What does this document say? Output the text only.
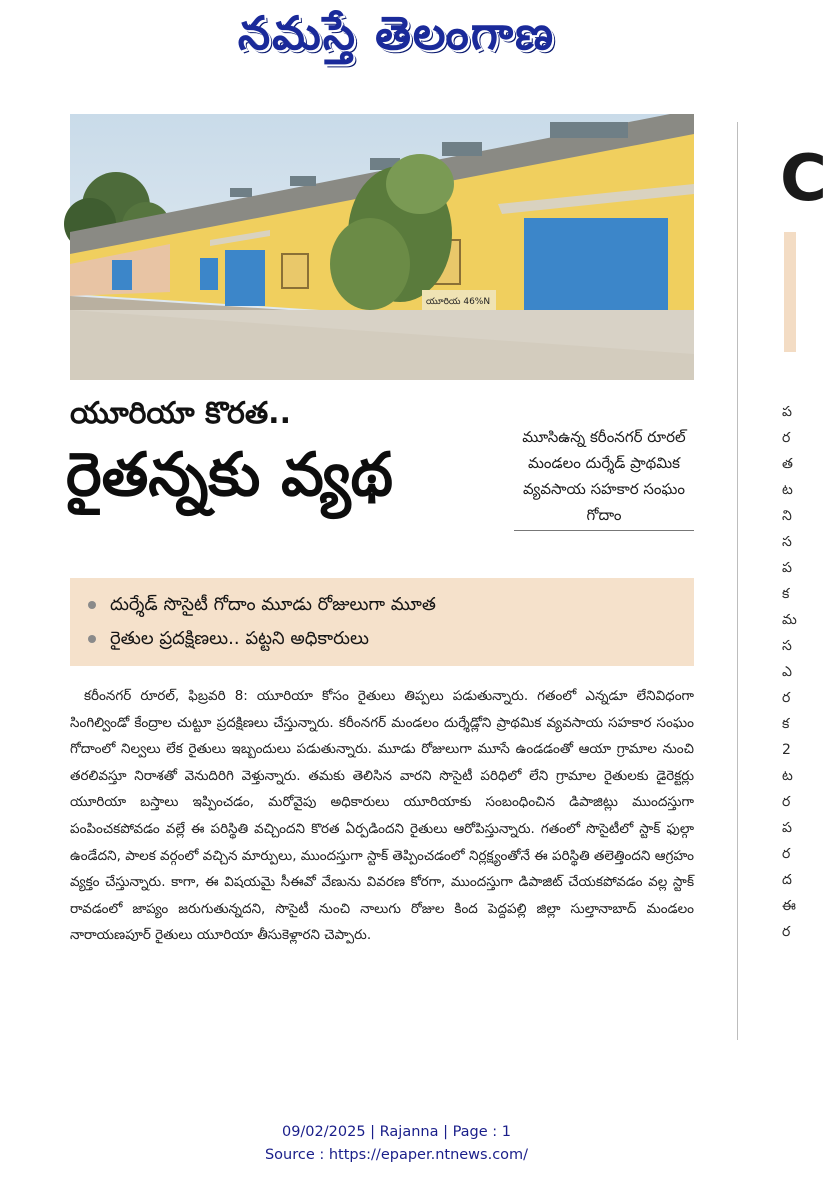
నమస్తే తెలంగాణ
యూరియ 46%N
యూరియా కొరత..
రైతన్నకు వ్యథ
మూసిఉన్న కరీంనగర్ రూరల్ మండలం దుర్శేడ్ ప్రాథమిక వ్యవసాయ సహకార సంఘం గోదాం
దుర్శేడ్ సొసైటీ గోదాం మూడు రోజులుగా మూత
రైతుల ప్రదక్షిణలు.. పట్టని అధికారులు
కరీంనగర్ రూరల్, ఫిబ్రవరి 8: యూరియా కోసం రైతులు తిప్పలు పడుతున్నారు. గతంలో ఎన్నడూ లేనివిధంగా సింగిల్విండో కేంద్రాల చుట్టూ ప్రదక్షిణలు చేస్తున్నారు. కరీంనగర్ మండలం దుర్శేడ్లోని ప్రాథమిక వ్యవసాయ సహకార సంఘం గోదాంలో నిల్వలు లేక రైతులు ఇబ్బందులు పడుతున్నారు. మూడు రోజులుగా మూసే ఉండడంతో ఆయా గ్రామాల నుంచి తరలివస్తూ నిరాశతో వెనుదిరిగి వెళ్తున్నారు. తమకు తెలిసిన వారని సొసైటీ పరిధిలో లేని గ్రామాల రైతులకు డైరెక్టర్లు యూరియా బస్తాలు ఇప్పించడం, మరోవైపు అధికారులు యూరియాకు సంబంధించిన డిపాజిట్లు ముందస్తుగా పంపించకపోవడం వల్లే ఈ పరిస్థితి వచ్చిందని కొరత ఏర్పడిందని రైతులు ఆరోపిస్తున్నారు. గతంలో సొసైటీలో స్టాక్ ఫుల్గా ఉండేదని, పాలక వర్గంలో వచ్చిన మార్పులు, ముందస్తుగా స్టాక్ తెప్పించడంలో నిర్లక్ష్యంతోనే ఈ పరిస్థితి తలెత్తిందని ఆగ్రహం వ్యక్తం చేస్తున్నారు. కాగా, ఈ విషయమై సీఈవో వేణును వివరణ కోరగా, ముందస్తుగా డిపాజిట్ చేయకపోవడం వల్ల స్టాక్ రావడంలో జాప్యం జరుగుతున్నదని, సొసైటీ నుంచి నాలుగు రోజుల కింద పెద్దపల్లి జిల్లా సుల్తానాబాద్ మండలం నారాయణపూర్ రైతులు యూరియా తీసుకెళ్లారని చెప్పారు.
C
ప
ర
త
ట
ని
స
ప
క
మ
స
ఎ
ర
క
2
ట
ర
ప
ర
ద
ఈ
ర
09/02/2025 | Rajanna | Page : 1
Source : https://epaper.ntnews.com/
